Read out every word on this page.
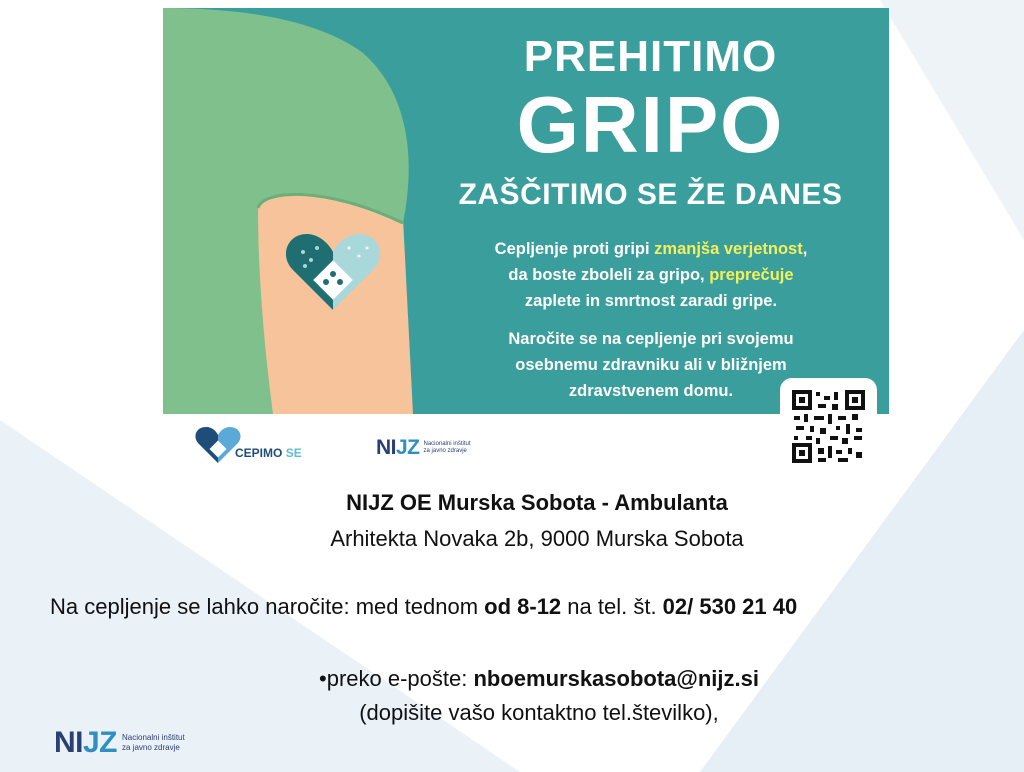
PREHITIMO
GRIPO
ZAŠČITIMO SE ŽE DANES
Cepljenje proti gripi zmanjša verjetnost,
da boste zboleli za gripo, preprečuje
zaplete in smrtnost zaradi gripe.
Naročite se na cepljenje pri svojemu
osebnemu zdravniku ali v bližnjem
zdravstvenem domu.
CEPIMO SE	NIJZ Nacionalni inštitut
za javno zdravje
NIJZ OE Murska Sobota - Ambulanta
Arhitekta Novaka 2b, 9000 Murska Sobota
Na cepljenje se lahko naročite: med tednom od 8-12 na tel. št. 02/ 530 21 40
•preko e-pošte: nboemurskasobota@nijz.si
(dopišite vašo kontaktno tel.številko),
NIJZ Nacionalni inštitut
za javno zdravje
